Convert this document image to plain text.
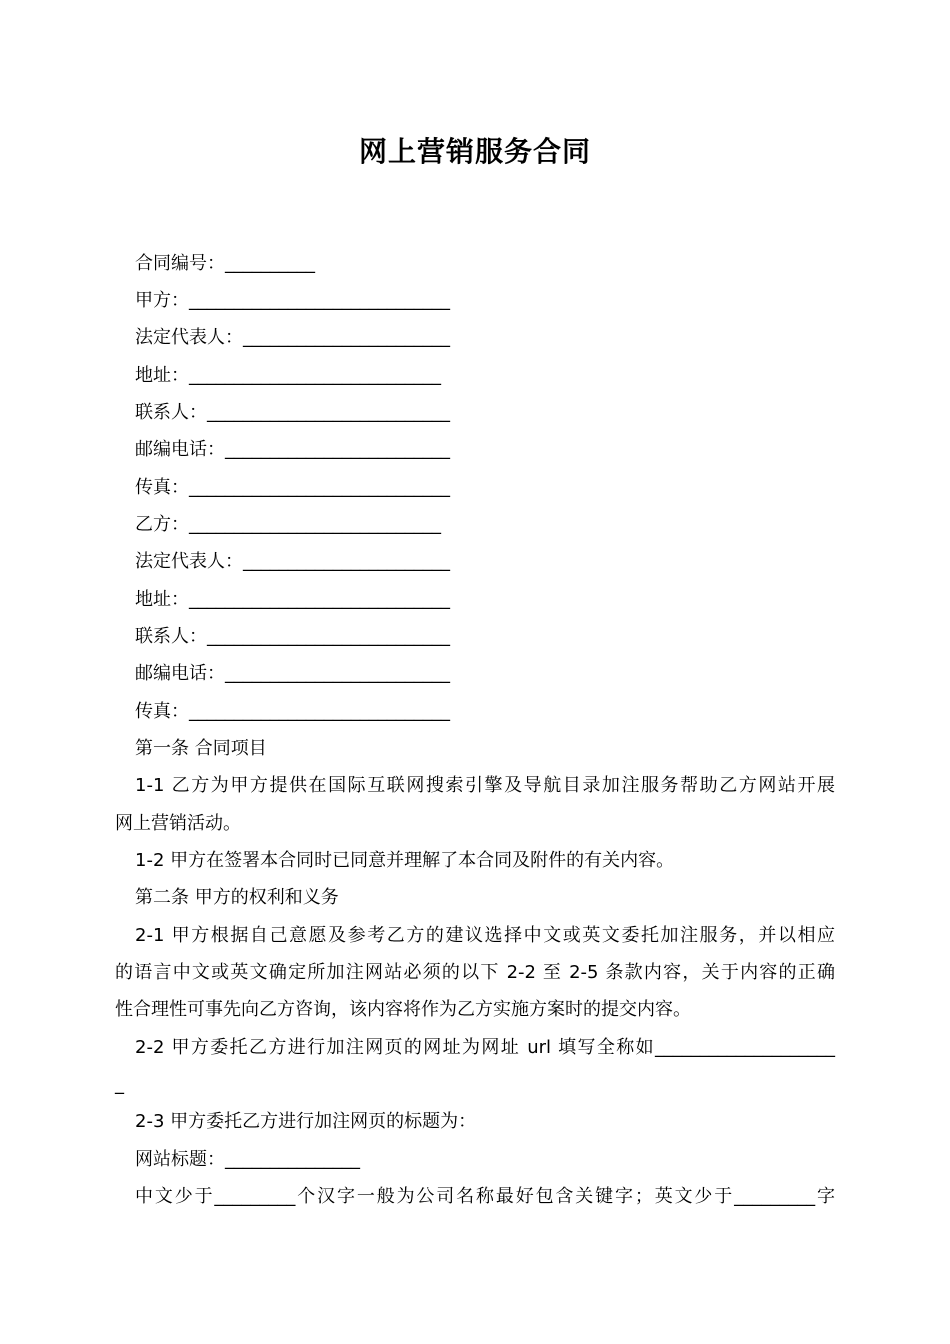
网上营销服务合同
合同编号：__________
甲方：_____________________________
法定代表人：_______________________
地址：____________________________
联系人：___________________________
邮编电话：_________________________
传真：_____________________________
乙方：____________________________
法定代表人：_______________________
地址：_____________________________
联系人：___________________________
邮编电话：_________________________
传真：_____________________________
第一条 合同项目
1-1 乙方为甲方提供在国际互联网搜索引擎及导航目录加注服务帮助乙方网站开展
网上营销活动。
1-2 甲方在签署本合同时已同意并理解了本合同及附件的有关内容。
第二条 甲方的权利和义务
2-1 甲方根据自己意愿及参考乙方的建议选择中文或英文委托加注服务，并以相应
的语言中文或英文确定所加注网站必须的以下 2-2 至 2-5 条款内容，关于内容的正确
性合理性可事先向乙方咨询，该内容将作为乙方实施方案时的提交内容。
2-2 甲方委托乙方进行加注网页的网址为网址 url 填写全称如____________________
_
2-3 甲方委托乙方进行加注网页的标题为：
网站标题：_______________
中文少于_________个汉字一般为公司名称最好包含关键字；英文少于_________字
